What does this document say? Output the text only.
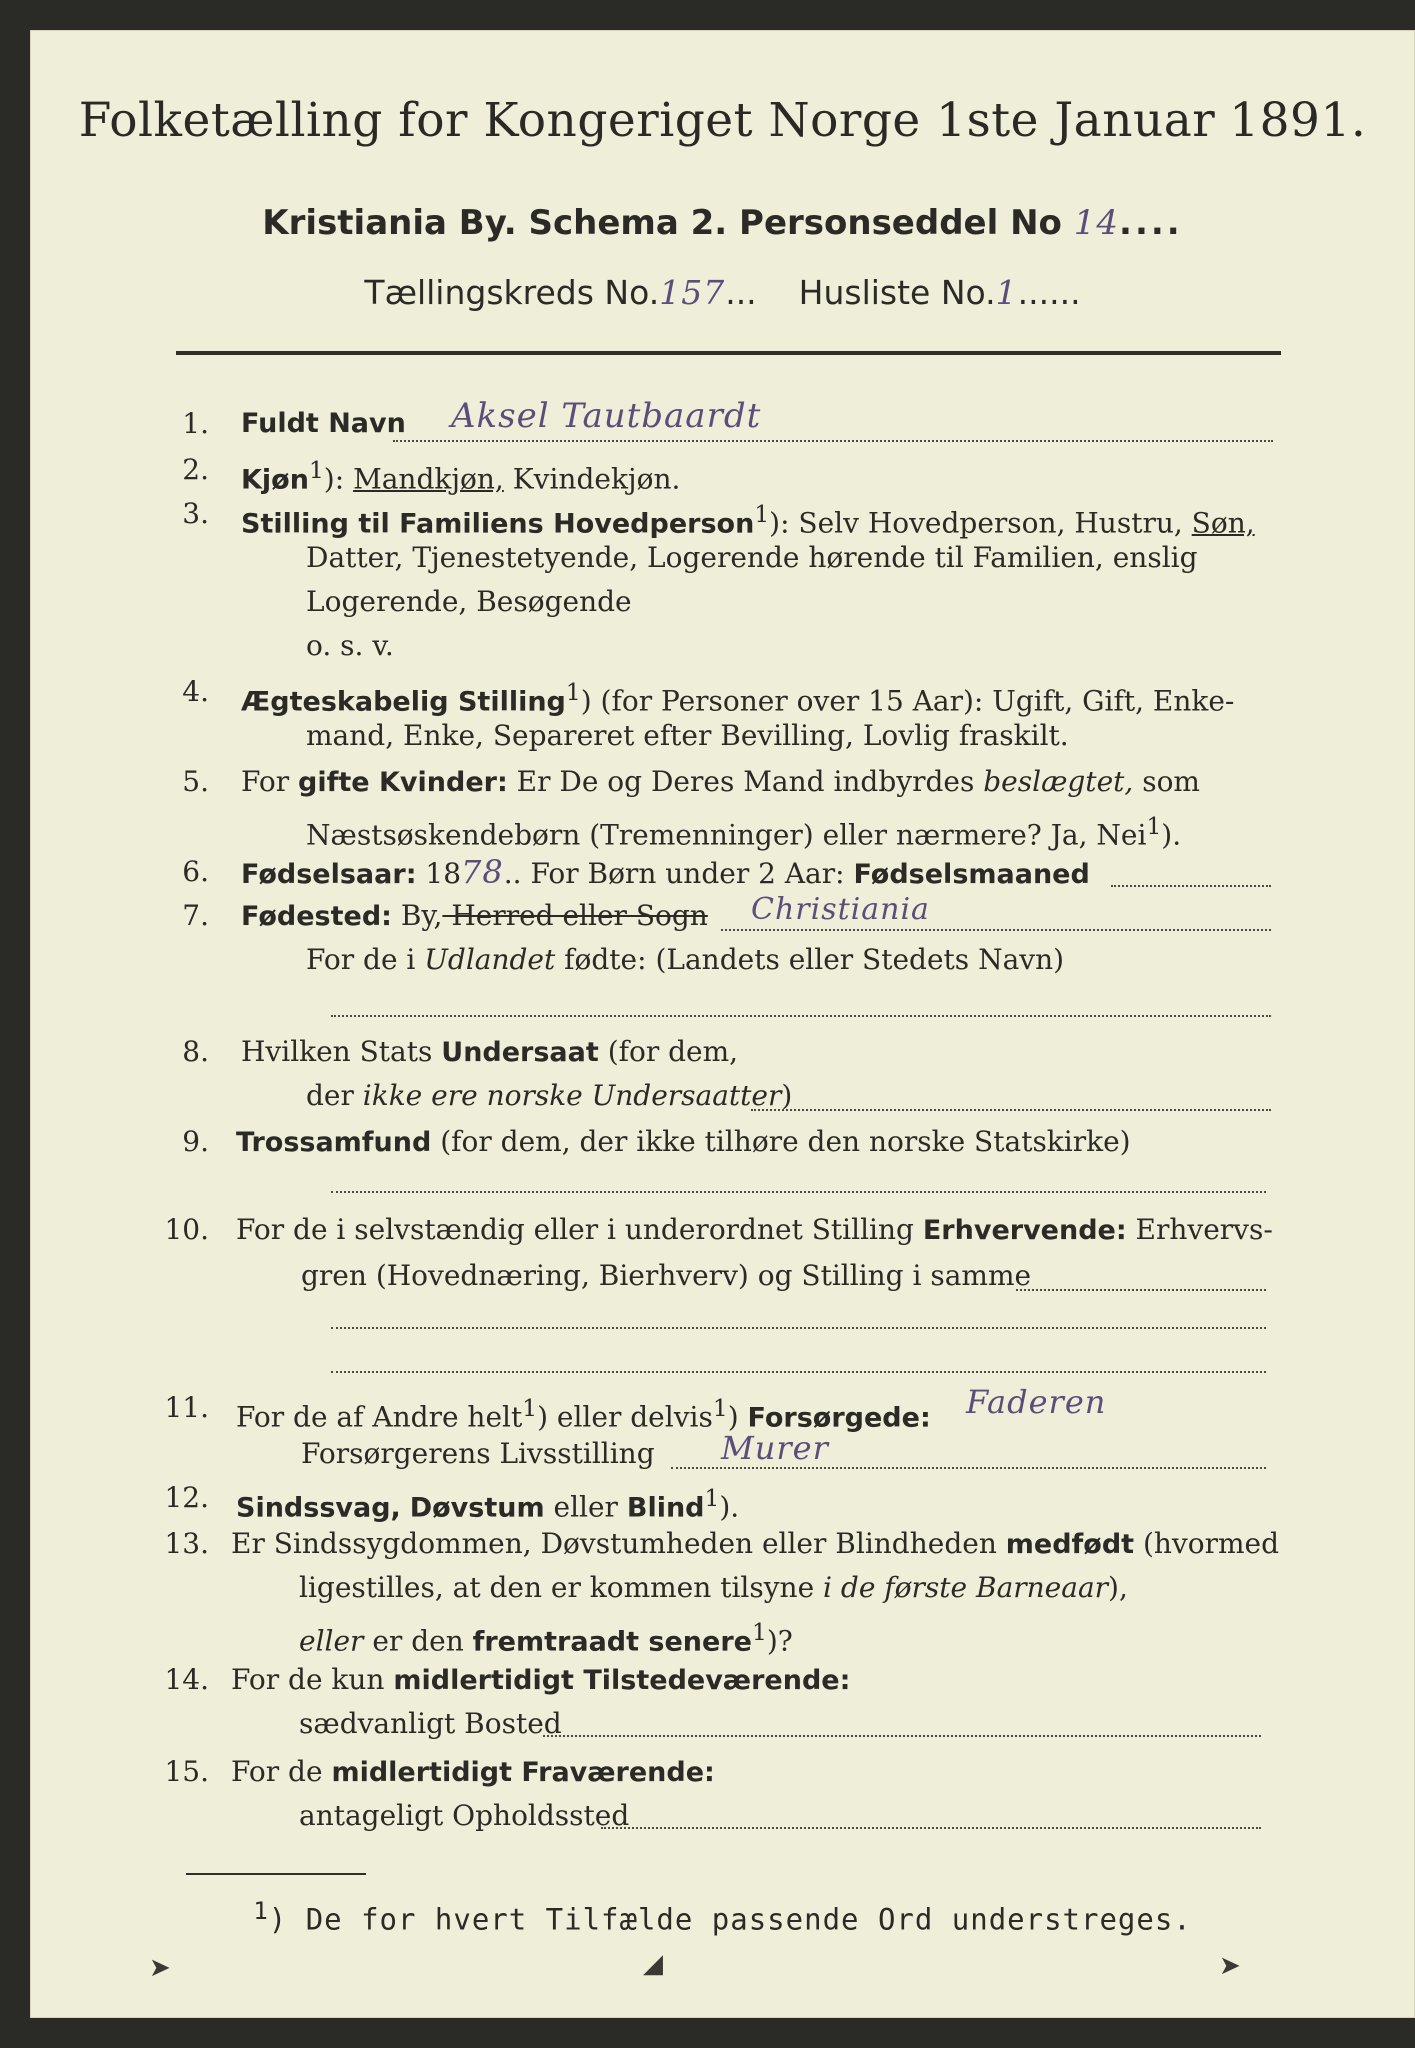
Folketælling for Kongeriget Norge 1ste Januar 1891.
Kristiania By. Schema 2. Personseddel No 14....
Tællingskreds No.157... Husliste No.1......
1. Fuldt Navn Aksel Tautbaardt
2. Kjøn$^1$): Mandkjøn, Kvindekjøn.
3. Stilling til Familiens Hovedperson$^1$): Selv Hovedperson, Hustru, Søn,
Datter, Tjenestetyende, Logerende hørende til Familien, enslig
Logerende, Besøgende
o. s. v.
4. Ægteskabelig Stilling$^1$) (for Personer over 15 Aar): Ugift, Gift, Enke-
mand, Enke, Separeret efter Bevilling, Lovlig fraskilt.
5. For gifte Kvinder: Er De og Deres Mand indbyrdes beslægtet, som
Næstsøskendebørn (Tremenninger) eller nærmere? Ja, Nei$^1$).
6. Fødselsaar: 1878.. For Børn under 2 Aar: Fødselsmaaned
7. Fødested: By, Herred eller Sogn Christiania
For de i Udlandet fødte: (Landets eller Stedets Navn)
8. Hvilken Stats Undersaat (for dem,
der ikke ere norske Undersaatter)
9. Trossamfund (for dem, der ikke tilhøre den norske Statskirke)
10. For de i selvstændig eller i underordnet Stilling Erhvervende: Erhvervs-
gren (Hovednæring, Bierhverv) og Stilling i samme
11. For de af Andre helt$^1$) eller delvis$^1$) Forsørgede: Faderen
Forsørgerens Livsstilling Murer
12. Sindssvag, Døvstum eller Blind$^1$).
13. Er Sindssygdommen, Døvstumheden eller Blindheden medfødt (hvormed
ligestilles, at den er kommen tilsyne i de første Barneaar),
eller er den fremtraadt senere$^1$)?
14. For de kun midlertidigt Tilstedeværende:
sædvanligt Bosted
15. For de midlertidigt Fraværende:
antageligt Opholdssted
$^1$) De for hvert Tilfælde passende Ord understreges.
➤	◢	➤
